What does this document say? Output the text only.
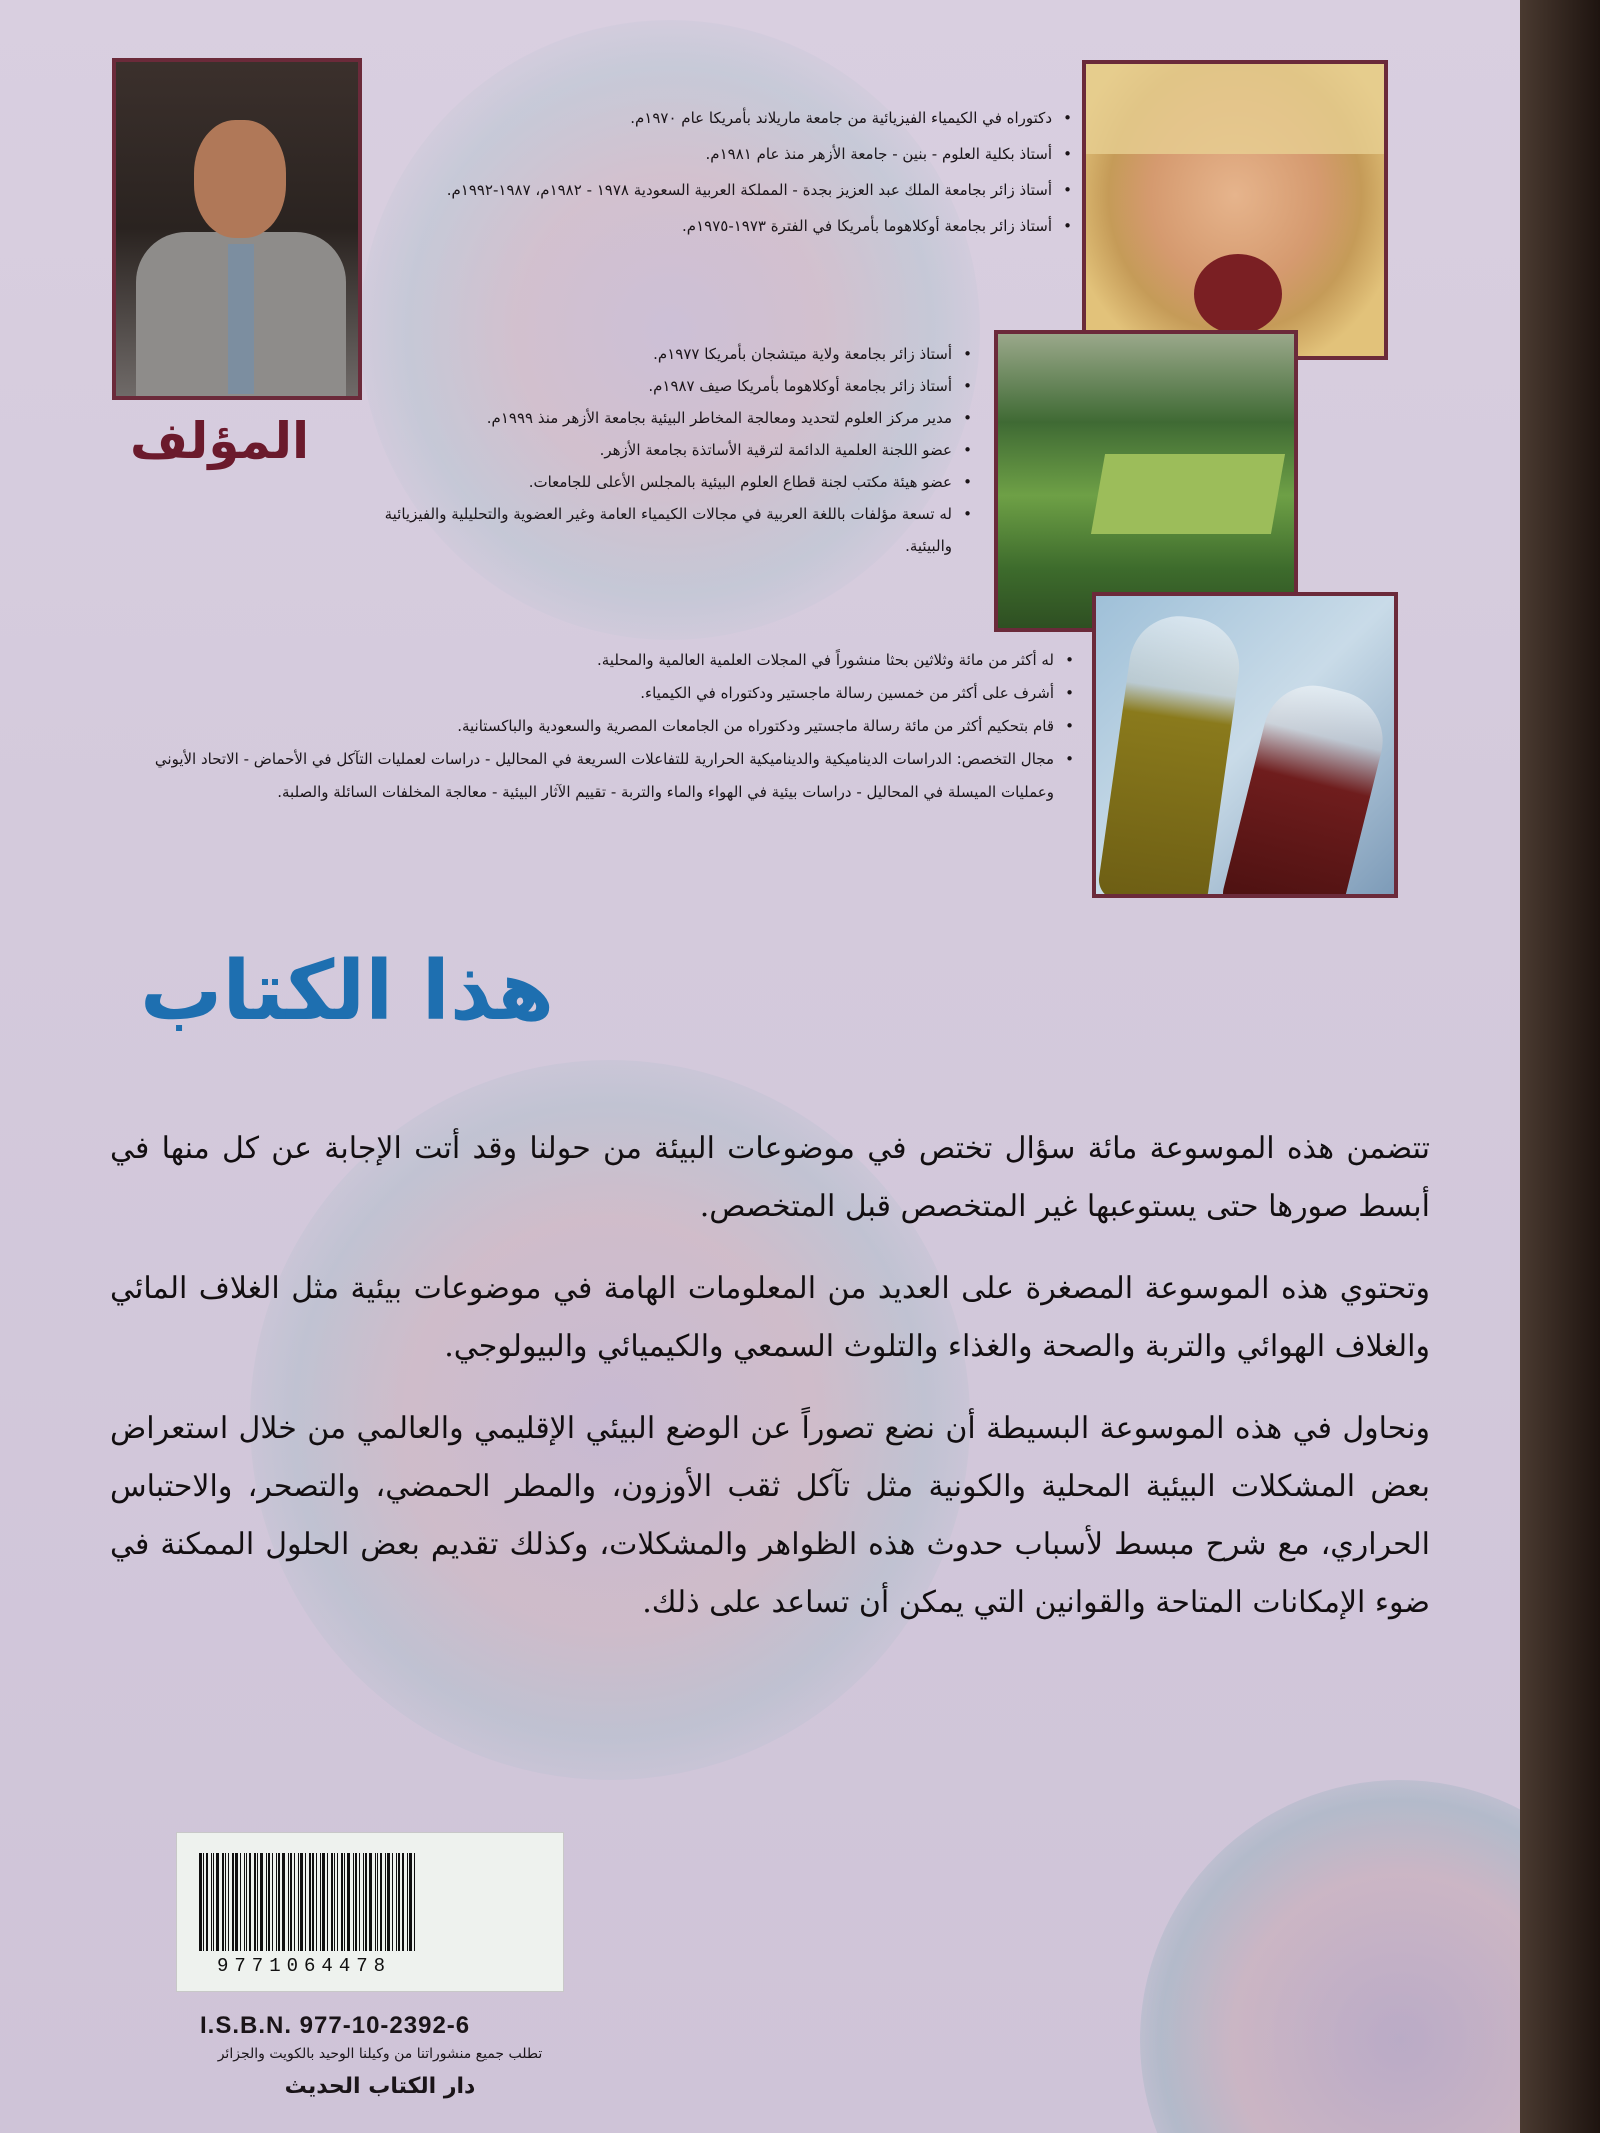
المؤلف
• دكتوراه في الكيمياء الفيزيائية من جامعة ماريلاند بأمريكا عام ١٩٧٠م.
• أستاذ بكلية العلوم - بنين - جامعة الأزهر منذ عام ١٩٨١م.
• أستاذ زائر بجامعة الملك عبد العزيز بجدة - المملكة العربية السعودية ١٩٧٨ - ١٩٨٢م، ١٩٨٧-١٩٩٢م.
• أستاذ زائر بجامعة أوكلاهوما بأمريكا في الفترة ١٩٧٣-١٩٧٥م.
• أستاذ زائر بجامعة ولاية ميتشجان بأمريكا ١٩٧٧م.
• أستاذ زائر بجامعة أوكلاهوما بأمريكا صيف ١٩٨٧م.
• مدير مركز العلوم لتحديد ومعالجة المخاطر البيئية بجامعة الأزهر منذ ١٩٩٩م.
• عضو اللجنة العلمية الدائمة لترقية الأساتذة بجامعة الأزهر.
• عضو هيئة مكتب لجنة قطاع العلوم البيئية بالمجلس الأعلى للجامعات.
• له تسعة مؤلفات باللغة العربية في مجالات الكيمياء العامة وغير العضوية والتحليلية والفيزيائية والبيئية.
• له أكثر من مائة وثلاثين بحثا منشوراً في المجلات العلمية العالمية والمحلية.
• أشرف على أكثر من خمسين رسالة ماجستير ودكتوراه في الكيمياء.
• قام بتحكيم أكثر من مائة رسالة ماجستير ودكتوراه من الجامعات المصرية والسعودية والباكستانية.
• مجال التخصص: الدراسات الديناميكية والديناميكية الحرارية للتفاعلات السريعة في المحاليل - دراسات لعمليات التآكل في الأحماض - الاتحاد الأيوني وعمليات الميسلة في المحاليل - دراسات بيئية في الهواء والماء والتربة - تقييم الآثار البيئية - معالجة المخلفات السائلة والصلبة.
هذا الكتاب

تتضمن هذه الموسوعة مائة سؤال تختص في موضوعات البيئة من حولنا وقد أتت الإجابة عن كل منها في أبسط صورها حتى يستوعبها غير المتخصص قبل المتخصص.

وتحتوي هذه الموسوعة المصغرة على العديد من المعلومات الهامة في موضوعات بيئية مثل الغلاف المائي والغلاف الهوائي والتربة والصحة والغذاء والتلوث السمعي والكيميائي والبيولوجي.

ونحاول في هذه الموسوعة البسيطة أن نضع تصوراً عن الوضع البيئي الإقليمي والعالمي من خلال استعراض بعض المشكلات البيئية المحلية والكونية مثل تآكل ثقب الأوزون، والمطر الحمضي، والتصحر، والاحتباس الحراري، مع شرح مبسط لأسباب حدوث هذه الظواهر والمشكلات، وكذلك تقديم بعض الحلول الممكنة في ضوء الإمكانات المتاحة والقوانين التي يمكن أن تساعد على ذلك.

9771064478
I.S.B.N. 977-10-2392-6
تطلب جميع منشوراتنا من وكيلنا الوحيد بالكويت والجزائر
دار الكتاب الحديث
